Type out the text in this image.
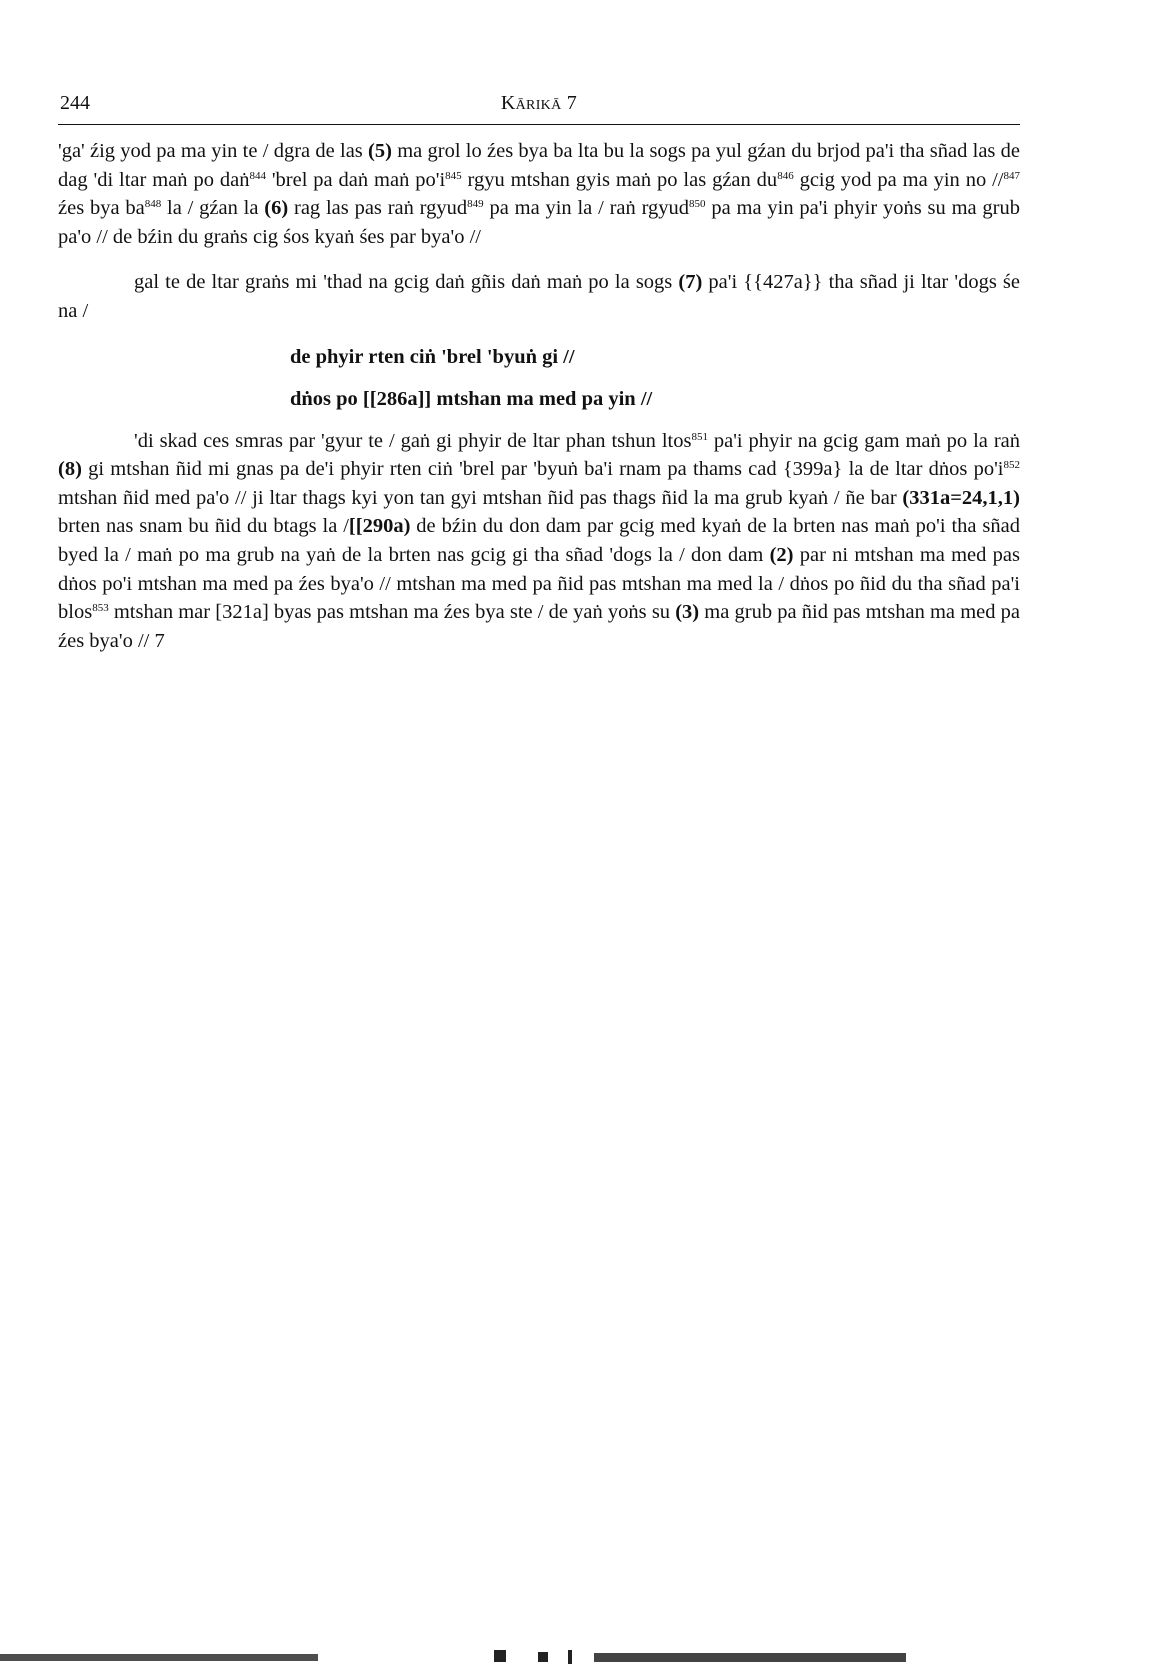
244	Kārikā 7

'ga' źig yod pa ma yin te / dgra de las (5) ma grol lo źes bya ba lta bu la sogs pa yul gźan du brjod pa'i tha sñad las de dag 'di ltar maṅ po daṅ$^{844}$ 'brel pa daṅ maṅ $po'i^{845}$ rgyu mtshan gyis maṅ po las gźan $du^{846}$ gcig yod pa ma yin no //$^{847}$ źes bya $ba^{848}$ la / gźan la (6) rag las pas raṅ rgyud$^{849}$ pa ma yin la / raṅ rgyud$^{850}$ pa ma yin pa'i phyir yoṅs su ma grub pa'o // de bźin du graṅs cig śos kyaṅ śes par bya'o //

gal te de ltar graṅs mi 'thad na gcig daṅ gñis daṅ maṅ po la sogs (7) pa'i {{427a}} tha sñad ji ltar 'dogs śe na /

de phyir rten ciṅ 'brel 'byuṅ gi //
dṅos po [[286a]] mtshan ma med pa yin //

'di skad ces smras par 'gyur te / gaṅ gi phyir de ltar phan tshun ltos$^{851}$ pa'i phyir na gcig gam maṅ po la raṅ (8) gi mtshan ñid mi gnas pa de'i phyir rten ciṅ 'brel par 'byuṅ ba'i rnam pa thams cad {399a} la de ltar dṅos $po'i^{852}$ mtshan ñid med pa'o // ji ltar thags kyi yon tan gyi mtshan ñid pas thags ñid la ma grub kyaṅ / ñe bar (331a=24,1,1) brten nas snam bu ñid du btags la /[[290a) de bźin du don dam par gcig med kyaṅ de la brten nas maṅ po'i tha sñad byed la / maṅ po ma grub na yaṅ de la brten nas gcig gi tha sñad 'dogs la / don dam (2) par ni mtshan ma med pas dṅos po'i mtshan ma med pa źes bya'o // mtshan ma med pa ñid pas mtshan ma med la / dṅos po ñid du tha sñad pa'i blos$^{853}$ mtshan mar [321a] byas pas mtshan ma źes bya ste / de yaṅ yoṅs su (3) ma grub pa ñid pas mtshan ma med pa źes bya'o // 7
